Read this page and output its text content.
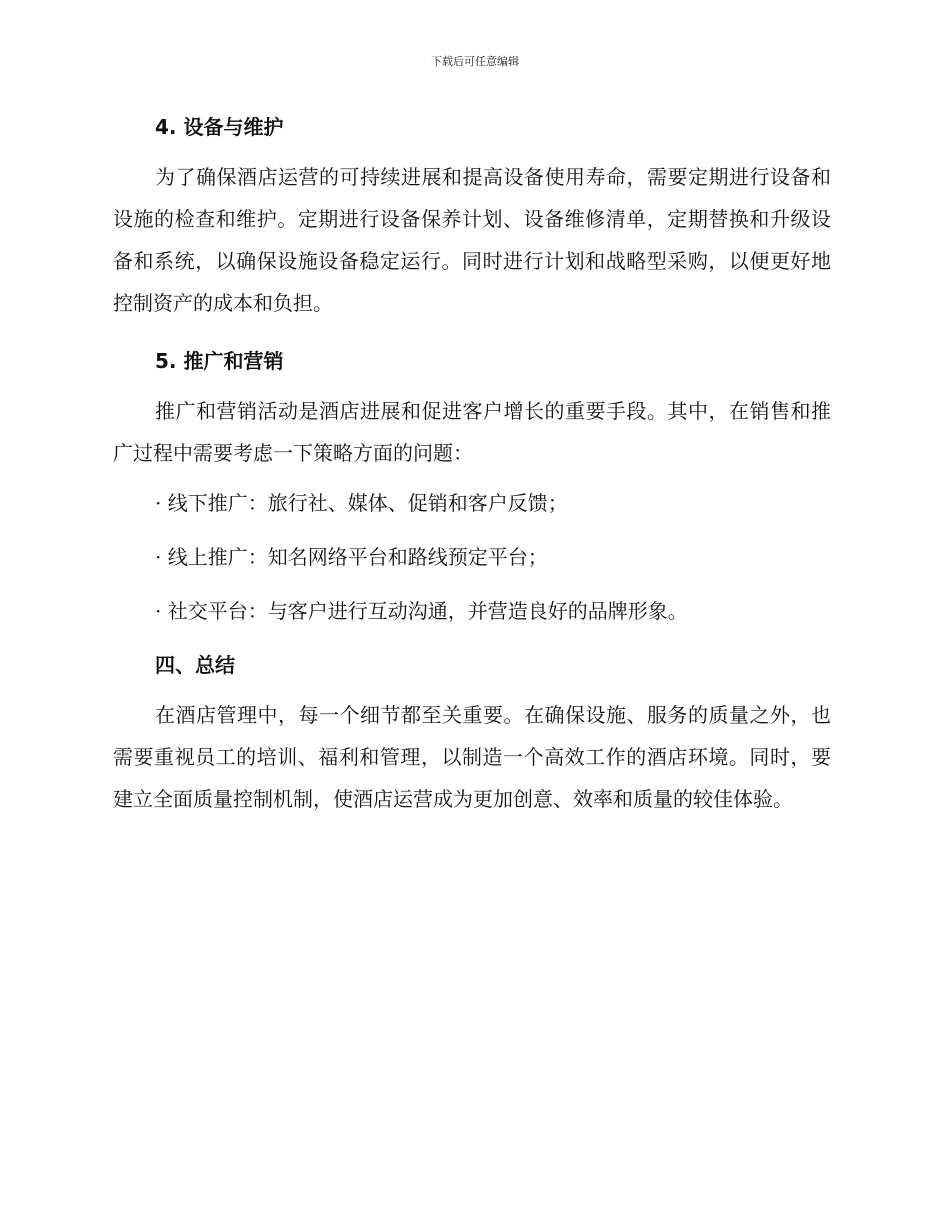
下载后可任意编辑
4. 设备与维护

为了确保酒店运营的可持续进展和提高设备使用寿命，需要定期进行设备和设施的检查和维护。定期进行设备保养计划、设备维修清单，定期替换和升级设备和系统，以确保设施设备稳定运行。同时进行计划和战略型采购，以便更好地控制资产的成本和负担。

5. 推广和营销

推广和营销活动是酒店进展和促进客户增长的重要手段。其中，在销售和推广过程中需要考虑一下策略方面的问题：

· 线下推广：旅行社、媒体、促销和客户反馈；

· 线上推广：知名网络平台和路线预定平台；

· 社交平台：与客户进行互动沟通，并营造良好的品牌形象。

四、总结

在酒店管理中，每一个细节都至关重要。在确保设施、服务的质量之外，也需要重视员工的培训、福利和管理，以制造一个高效工作的酒店环境。同时，要建立全面质量控制机制，使酒店运营成为更加创意、效率和质量的较佳体验。
